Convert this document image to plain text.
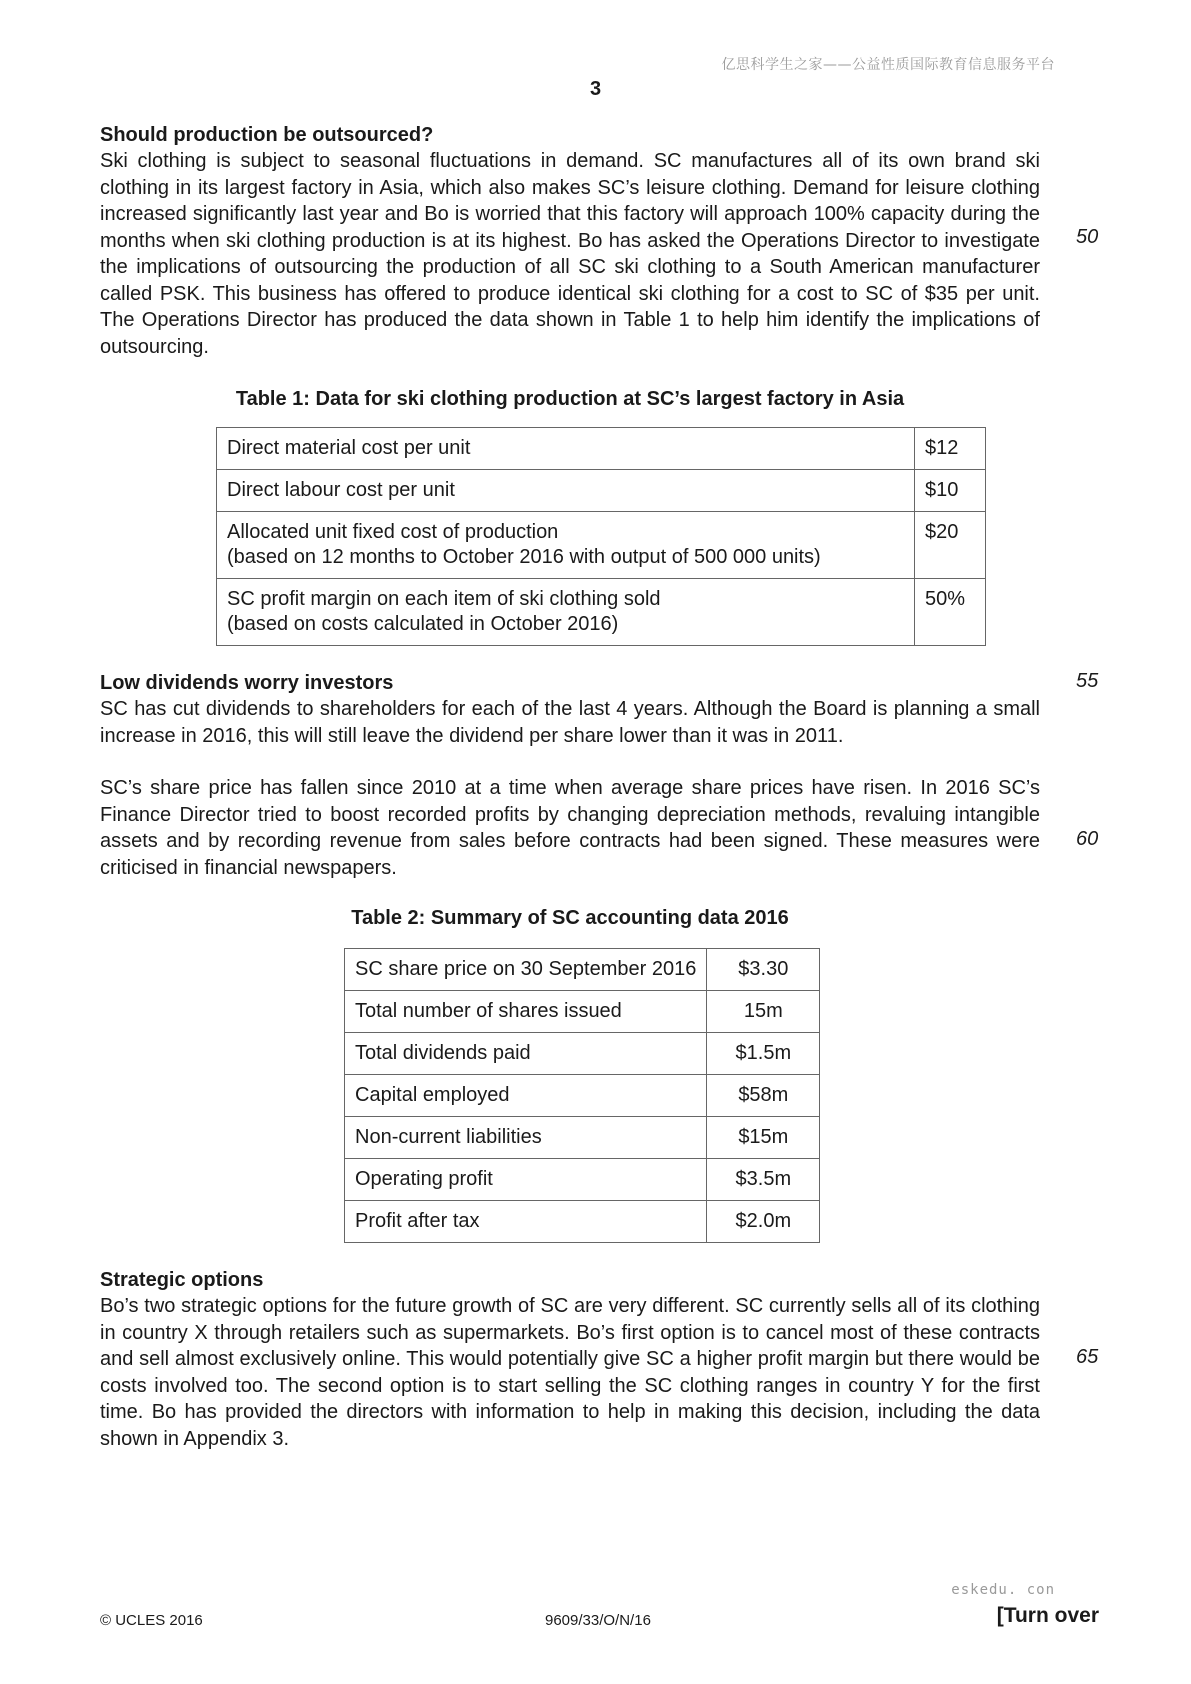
亿思科学生之家——公益性质国际教育信息服务平台
3

Should production be outsourced?

Ski clothing is subject to seasonal fluctuations in demand. SC manufactures all of its own brand ski clothing in its largest factory in Asia, which also makes SC’s leisure clothing. Demand for leisure clothing increased significantly last year and Bo is worried that this factory will approach 100% capacity during the months when ski clothing production is at its highest. Bo has asked the Operations Director to investigate the implications of outsourcing the production of all SC ski clothing to a South American manufacturer called PSK. This business has offered to produce identical ski clothing for a cost to SC of $35 per unit. The Operations Director has produced the data shown in Table 1 to help him identify the implications of outsourcing.

50

Table 1: Data for ski clothing production at SC’s largest factory in Asia

Direct material cost per unit	$12

Direct labour cost per unit	$10

Allocated unit fixed cost of production
(based on 12 months to October 2016 with output of 500 000 units)	$20

SC profit margin on each item of ski clothing sold
(based on costs calculated in October 2016)	50%

Low dividends worry investors	55

SC has cut dividends to shareholders for each of the last 4 years. Although the Board is planning a small increase in 2016, this will still leave the dividend per share lower than it was in 2011.

SC’s share price has fallen since 2010 at a time when average share prices have risen. In 2016 SC’s Finance Director tried to boost recorded profits by changing depreciation methods, revaluing intangible assets and by recording revenue from sales before contracts had been signed. These measures were criticised in financial newspapers.

60

Table 2: Summary of SC accounting data 2016

SC share price on 30 September 2016	$3.30
Total number of shares issued	15m
Total dividends paid	$1.5m
Capital employed	$58m
Non-current liabilities	$15m
Operating profit	$3.5m
Profit after tax	$2.0m

Strategic options

Bo’s two strategic options for the future growth of SC are very different. SC currently sells all of its clothing in country X through retailers such as supermarkets. Bo’s first option is to cancel most of these contracts and sell almost exclusively online. This would potentially give SC a higher profit margin but there would be costs involved too. The second option is to start selling the SC clothing ranges in country Y for the first time. Bo has provided the directors with information to help in making this decision, including the data shown in Appendix 3.

65
eskedu. con
© UCLES 2016	9609/33/O/N/16	[Turn over
